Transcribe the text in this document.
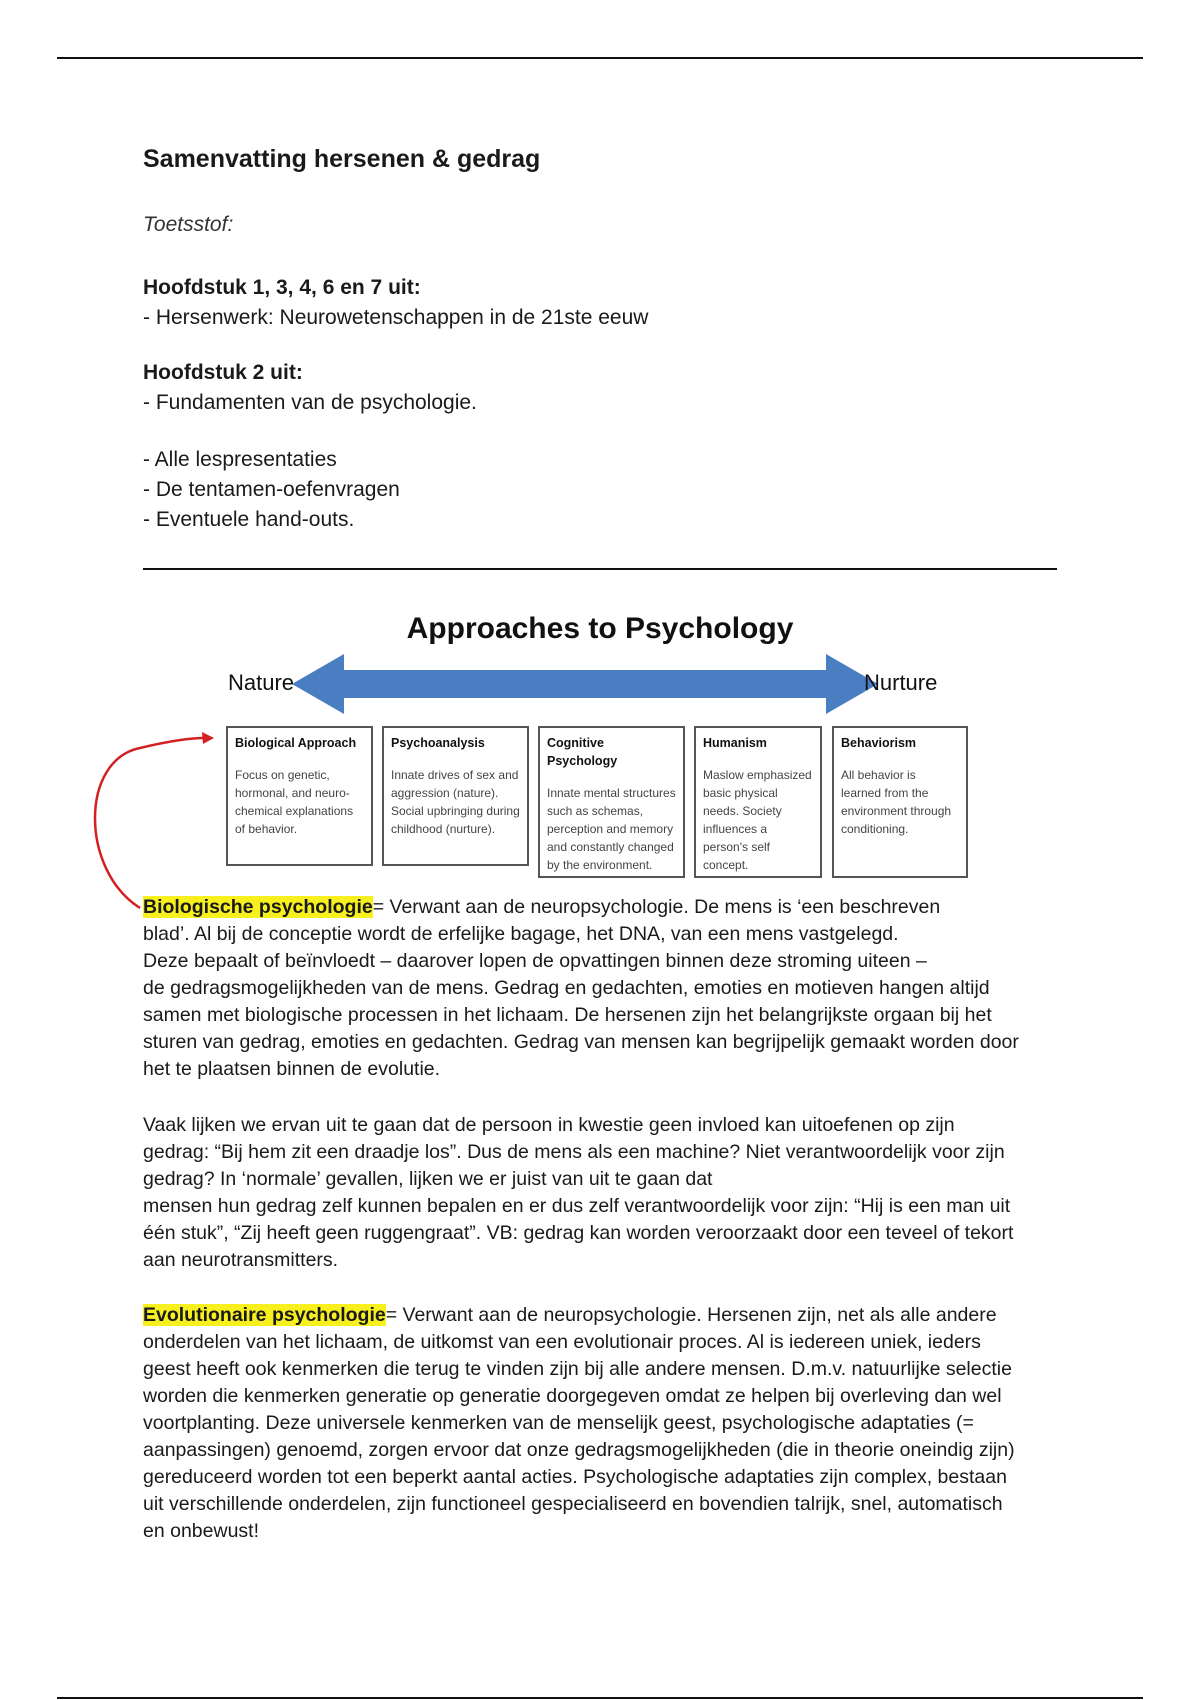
Samenvatting hersenen & gedrag
Toetsstof:
Hoofdstuk 1, 3, 4, 6 en 7 uit:
- Hersenwerk: Neurowetenschappen in de 21ste eeuw
Hoofdstuk 2 uit:
- Fundamenten van de psychologie.
- Alle lespresentaties
- De tentamen-oefenvragen
- Eventuele hand-outs.
Approaches to Psychology
Nature	Nurture
Biological Approach
Focus on genetic, hormonal, and neuro-chemical explanations of behavior.
Psychoanalysis
Innate drives of sex and aggression (nature). Social upbringing during childhood (nurture).
Cognitive Psychology
Innate mental structures such as schemas, perception and memory and constantly changed by the environment.
Humanism
Maslow emphasized basic physical needs. Society influences a person's self concept.
Behaviorism
All behavior is learned from the environment through conditioning.
Biologische psychologie= Verwant aan de neuropsychologie. De mens is ‘een beschreven
blad’. Al bij de conceptie wordt de erfelijke bagage, het DNA, van een mens vastgelegd.
Deze bepaalt of beïnvloedt – daarover lopen de opvattingen binnen deze stroming uiteen –
de gedragsmogelijkheden van de mens. Gedrag en gedachten, emoties en motieven hangen altijd
samen met biologische processen in het lichaam. De hersenen zijn het belangrijkste orgaan bij het
sturen van gedrag, emoties en gedachten. Gedrag van mensen kan begrijpelijk gemaakt worden door
het te plaatsen binnen de evolutie.
Vaak lijken we ervan uit te gaan dat de persoon in kwestie geen invloed kan uitoefenen op zijn
gedrag: “Bij hem zit een draadje los”. Dus de mens als een machine? Niet verantwoordelijk voor zijn
gedrag? In ‘normale’ gevallen, lijken we er juist van uit te gaan dat
mensen hun gedrag zelf kunnen bepalen en er dus zelf verantwoordelijk voor zijn: “Hij is een man uit
één stuk”, “Zij heeft geen ruggengraat”. VB: gedrag kan worden veroorzaakt door een teveel of tekort
aan neurotransmitters.
Evolutionaire psychologie= Verwant aan de neuropsychologie. Hersenen zijn, net als alle andere
onderdelen van het lichaam, de uitkomst van een evolutionair proces. Al is iedereen uniek, ieders
geest heeft ook kenmerken die terug te vinden zijn bij alle andere mensen. D.m.v. natuurlijke selectie
worden die kenmerken generatie op generatie doorgegeven omdat ze helpen bij overleving dan wel
voortplanting. Deze universele kenmerken van de menselijk geest, psychologische adaptaties (=
aanpassingen) genoemd, zorgen ervoor dat onze gedragsmogelijkheden (die in theorie oneindig zijn)
gereduceerd worden tot een beperkt aantal acties. Psychologische adaptaties zijn complex, bestaan
uit verschillende onderdelen, zijn functioneel gespecialiseerd en bovendien talrijk, snel, automatisch
en onbewust!
